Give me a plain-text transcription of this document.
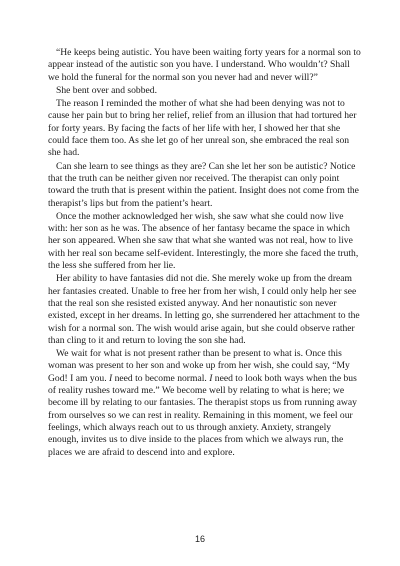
“He keeps being autistic. You have been waiting forty years for a normal son to appear instead of the autistic son you have. I understand. Who wouldn’t? Shall we hold the funeral for the normal son you never had and never will?”

She bent over and sobbed.

The reason I reminded the mother of what she had been denying was not to cause her pain but to bring her relief, relief from an illusion that had tortured her for forty years. By facing the facts of her life with her, I showed her that she could face them too. As she let go of her unreal son, she embraced the real son she had.

Can she learn to see things as they are? Can she let her son be autistic? Notice that the truth can be neither given nor received. The therapist can only point toward the truth that is present within the patient. Insight does not come from the therapist’s lips but from the patient’s heart.

Once the mother acknowledged her wish, she saw what she could now live with: her son as he was. The absence of her fantasy became the space in which her son appeared. When she saw that what she wanted was not real, how to live with her real son became self-evident. Interestingly, the more she faced the truth, the less she suffered from her lie.

Her ability to have fantasies did not die. She merely woke up from the dream her fantasies created. Unable to free her from her wish, I could only help her see that the real son she resisted existed anyway. And her nonautistic son never existed, except in her dreams. In letting go, she surrendered her attachment to the wish for a normal son. The wish would arise again, but she could observe rather than cling to it and return to loving the son she had.

We wait for what is not present rather than be present to what is. Once this woman was present to her son and woke up from her wish, she could say, “My God! I am you. I need to become normal. I need to look both ways when the bus of reality rushes toward me.” We become well by relating to what is here; we become ill by relating to our fantasies. The therapist stops us from running away from ourselves so we can rest in reality. Remaining in this moment, we feel our feelings, which always reach out to us through anxiety. Anxiety, strangely enough, invites us to dive inside to the places from which we always run, the places we are afraid to descend into and explore.

16
